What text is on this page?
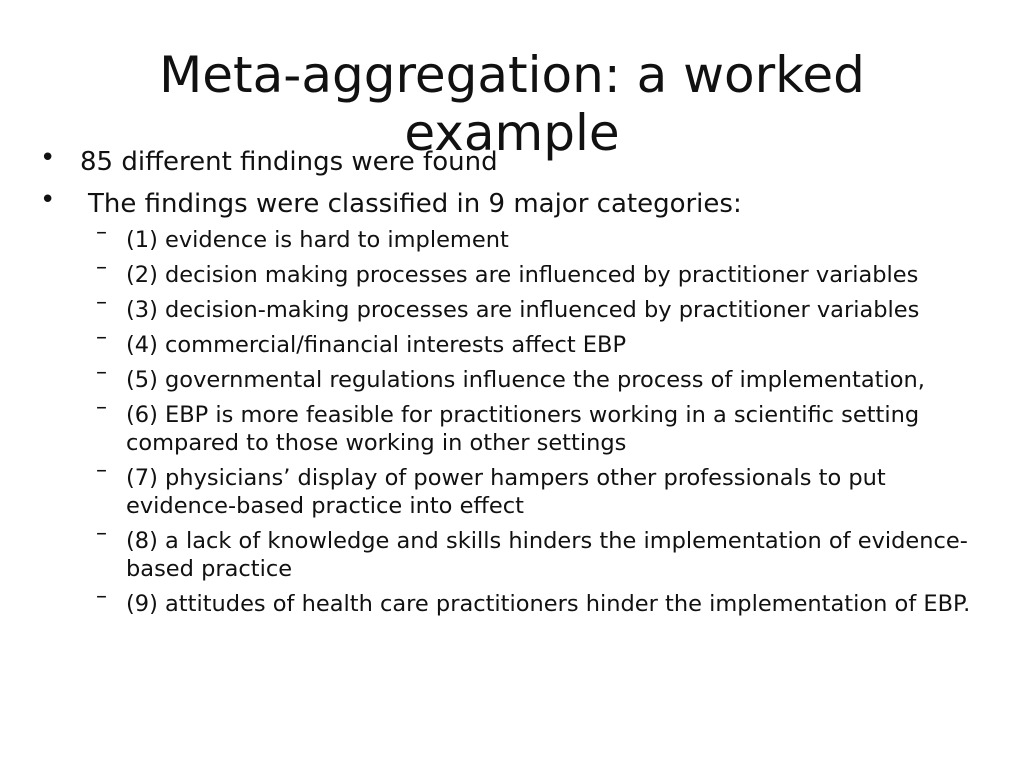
Meta-aggregation: a worked example
• 85 different findings were found
• The findings were classified in 9 major categories:
– (1) evidence is hard to implement
– (2) decision making processes are influenced by practitioner variables
– (3) decision-making processes are influenced by practitioner variables
– (4) commercial/financial interests affect EBP
– (5) governmental regulations influence the process of implementation,
– (6) EBP is more feasible for practitioners working in a scientific setting compared to those working in other settings
– (7) physicians’ display of power hampers other professionals to put evidence-based practice into effect
– (8) a lack of knowledge and skills hinders the implementation of evidence-based practice
– (9) attitudes of health care practitioners hinder the implementation of EBP.
